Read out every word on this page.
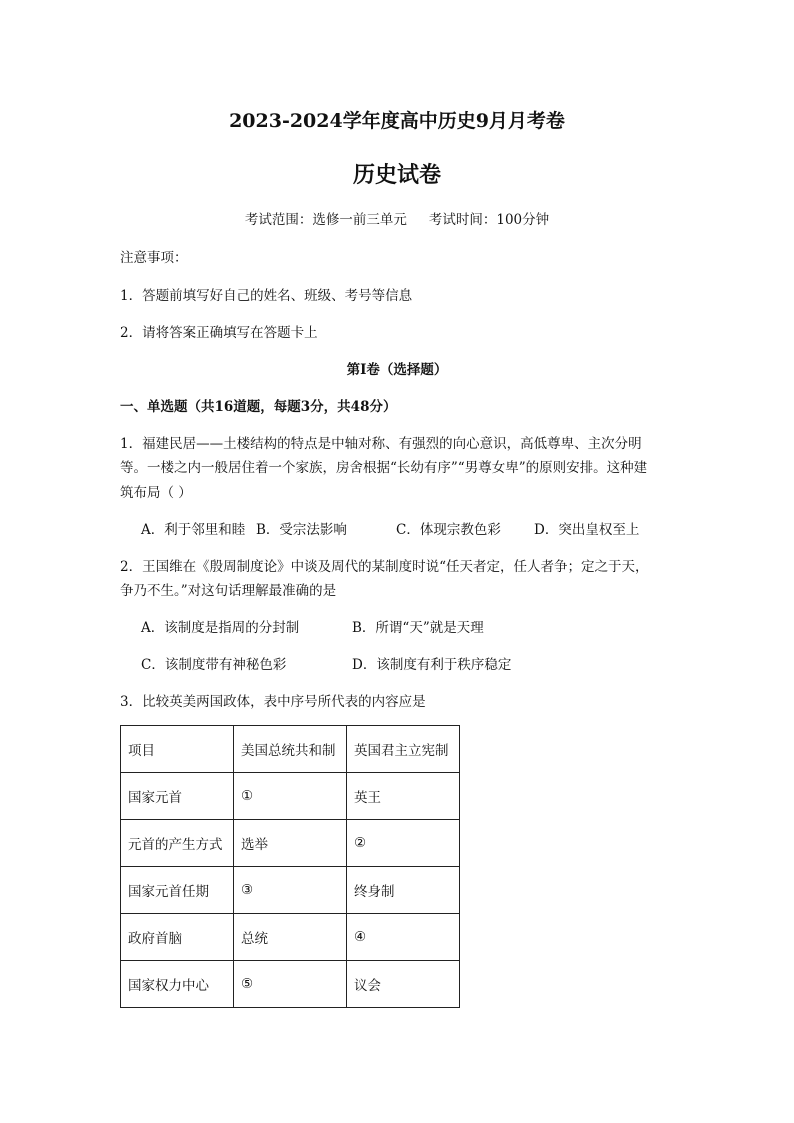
2023-2024学年度高中历史9月月考卷
历史试卷
考试范围：选修一前三单元 考试时间：100分钟
注意事项：
1．答题前填写好自己的姓名、班级、考号等信息
2．请将答案正确填写在答题卡上
第I卷（选择题）
一、单选题（共16道题，每题3分，共48分）
1．福建民居——土楼结构的特点是中轴对称、有强烈的向心意识，高低尊卑、主次分明
等。一楼之内一般居住着一个家族，房舍根据“长幼有序”“男尊女卑”的原则安排。这种建
筑布局（ ）
A．利于邻里和睦 B．受宗法影响	C．体现宗教色彩 D．突出皇权至上
2．王国维在《殷周制度论》中谈及周代的某制度时说“任天者定，任人者争；定之于天，
争乃不生。”对这句话理解最准确的是
A．该制度是指周的分封制	B．所谓“天”就是天理
C．该制度带有神秘色彩	D．该制度有利于秩序稳定
3．比较英美两国政体，表中序号所代表的内容应是
项目	美国总统共和制	英国君主立宪制
国家元首	①	英王
元首的产生方式	选举	②
国家元首任期	③	终身制
政府首脑	总统	④
国家权力中心	⑤	议会
